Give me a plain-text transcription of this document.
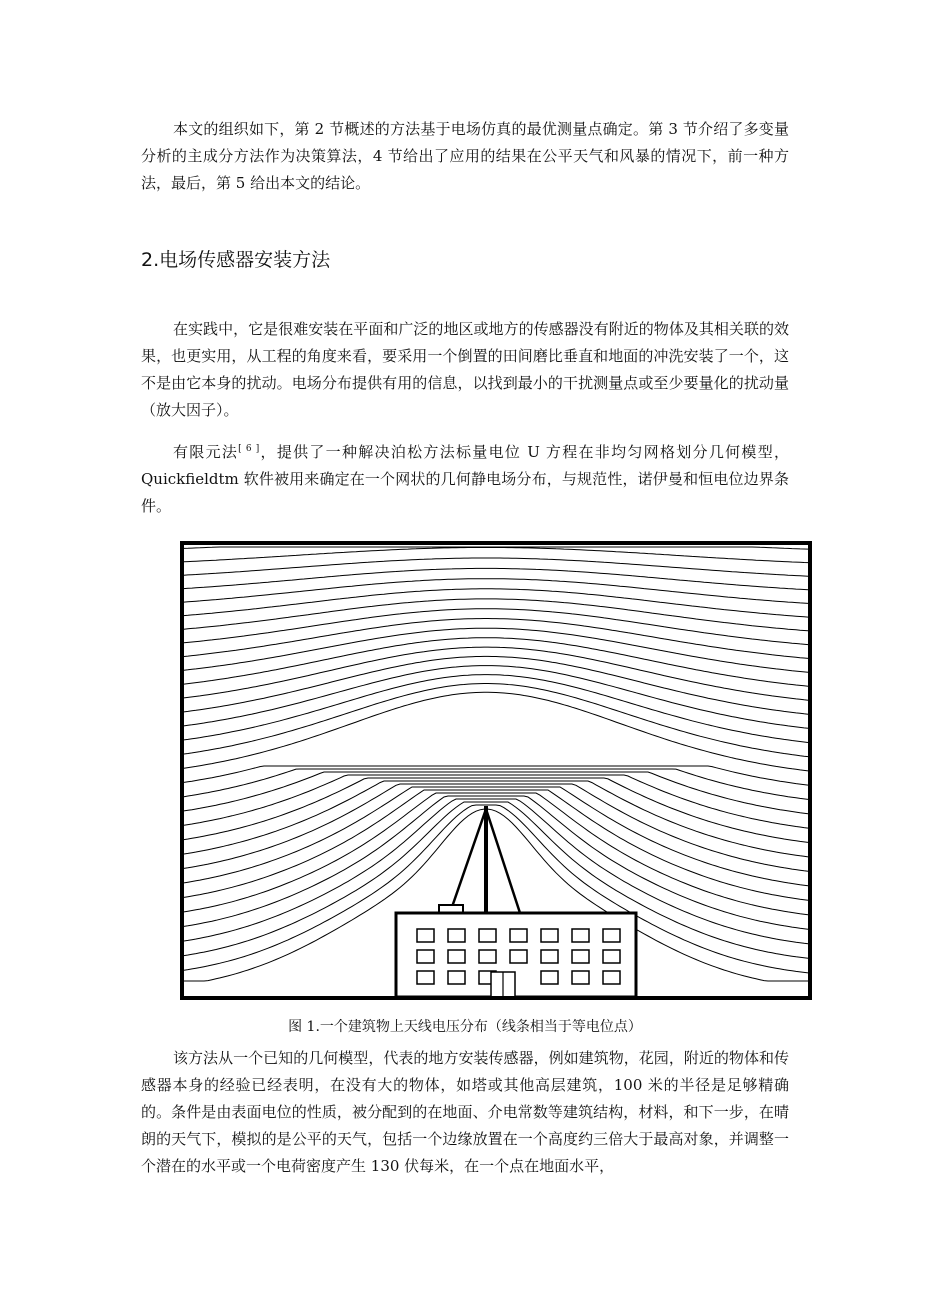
本文的组织如下，第 2 节概述的方法基于电场仿真的最优测量点确定。第 3 节介绍了多变量分析的主成分方法作为决策算法，4 节给出了应用的结果在公平天气和风暴的情况下，前一种方法，最后，第 5 给出本文的结论。

2.电场传感器安装方法

在实践中，它是很难安装在平面和广泛的地区或地方的传感器没有附近的物体及其相关联的效果，也更实用，从工程的角度来看，要采用一个倒置的田间磨比垂直和地面的冲洗安装了一个，这不是由它本身的扰动。电场分布提供有用的信息，以找到最小的干扰测量点或至少要量化的扰动量（放大因子）。

有限元法[ 6 ]，提供了一种解决泊松方法标量电位 U 方程在非均匀网格划分几何模型，Quickfieldtm 软件被用来确定在一个网状的几何静电场分布，与规范性，诺伊曼和恒电位边界条件。

图 1.一个建筑物上天线电压分布（线条相当于等电位点）

该方法从一个已知的几何模型，代表的地方安装传感器，例如建筑物，花园，附近的物体和传感器本身的经验已经表明，在没有大的物体，如塔或其他高层建筑，100 米的半径是足够精确的。条件是由表面电位的性质，被分配到的在地面、介电常数等建筑结构，材料，和下一步，在晴朗的天气下，模拟的是公平的天气，包括一个边缘放置在一个高度约三倍大于最高对象，并调整一个潜在的水平或一个电荷密度产生 130 伏每米，在一个点在地面水平，
